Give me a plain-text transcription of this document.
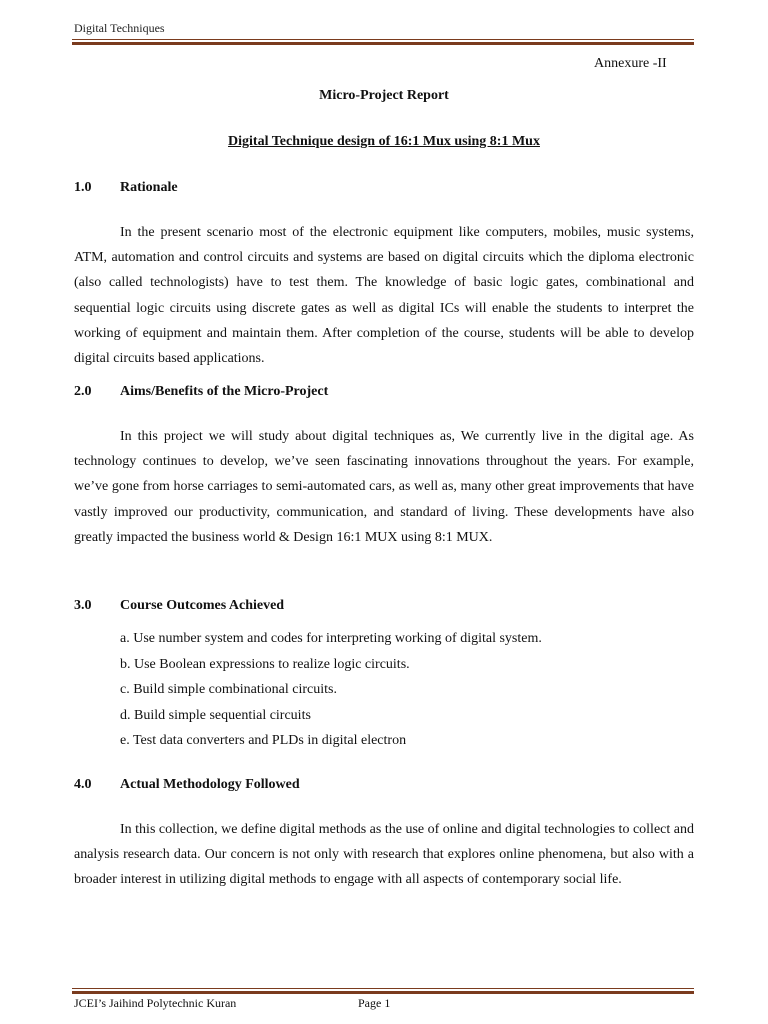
Digital Techniques
Annexure -II
Micro-Project Report
Digital Technique design of 16:1 Mux using 8:1 Mux
1.0 Rationale

In the present scenario most of the electronic equipment like computers, mobiles, music systems, ATM, automation and control circuits and systems are based on digital circuits which the diploma electronic (also called technologists) have to test them. The knowledge of basic logic gates, combinational and sequential logic circuits using discrete gates as well as digital ICs will enable the students to interpret the working of equipment and maintain them. After completion of the course, students will be able to develop digital circuits based applications.

2.0 Aims/Benefits of the Micro-Project

In this project we will study about digital techniques as, We currently live in the digital age. As technology continues to develop, we’ve seen fascinating innovations throughout the years. For example, we’ve gone from horse carriages to semi-automated cars, as well as, many other great improvements that have vastly improved our productivity, communication, and standard of living. These developments have also greatly impacted the business world & Design 16:1 MUX using 8:1 MUX.

3.0 Course Outcomes Achieved
a. Use number system and codes for interpreting working of digital system.
b. Use Boolean expressions to realize logic circuits.
c. Build simple combinational circuits.
d. Build simple sequential circuits
e. Test data converters and PLDs in digital electron
4.0 Actual Methodology Followed

In this collection, we define digital methods as the use of online and digital technologies to collect and analysis research data. Our concern is not only with research that explores online phenomena, but also with a broader interest in utilizing digital methods to engage with all aspects of contemporary social life.

JCEI’s Jaihind Polytechnic Kuran	Page 1
